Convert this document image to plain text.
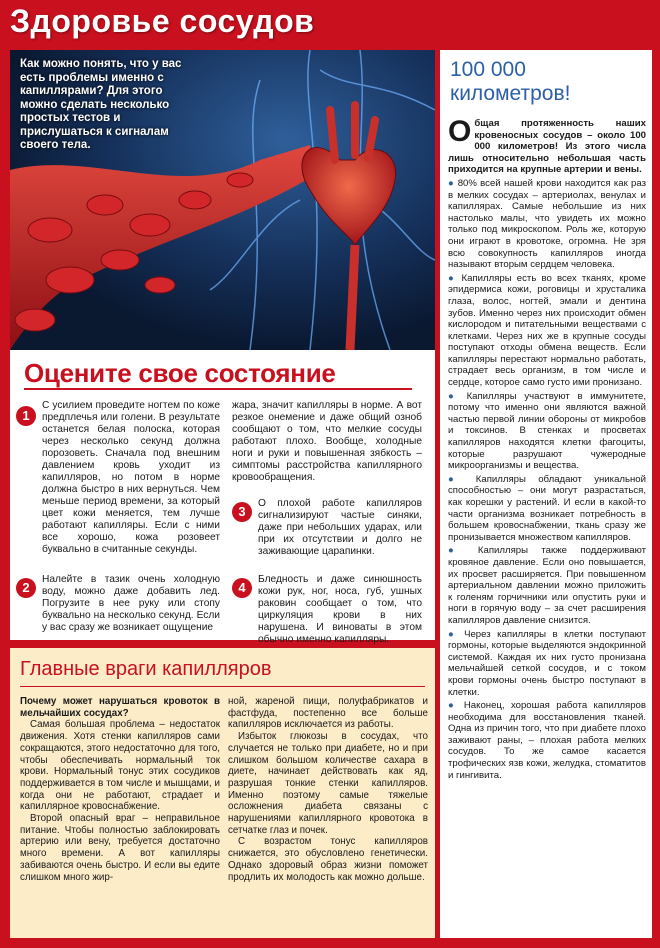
Здоровье сосудов
Как можно понять, что у вас есть проблемы именно с капиллярами? Для этого можно сделать несколько простых тестов и прислушаться к сигналам своего тела.
100 000 километров!

Общая протяженность наших кровеносных сосудов – около 100 000 километров! Из этого числа лишь относительно небольшая часть приходится на крупные артерии и вены.

● 80% всей нашей крови находится как раз в мелких сосудах – артериолах, венулах и капиллярах. Самые небольшие из них настолько малы, что увидеть их можно только под микроскопом. Роль же, которую они играют в кровотоке, огромна. Не зря всю совокупность капилляров иногда называют вторым сердцем человека.

● Капилляры есть во всех тканях, кроме эпидермиса кожи, роговицы и хрусталика глаза, волос, ногтей, эмали и дентина зубов. Именно через них происходит обмен кислородом и питательными веществами с клетками. Через них же в крупные сосуды поступают отходы обмена веществ. Если капилляры перестают нормально работать, страдает весь организм, в том числе и сердце, которое само густо ими пронизано.

● Капилляры участвуют в иммунитете, потому что именно они являются важной частью первой линии обороны от микробов и токсинов. В стенках и просветах капилляров находятся клетки фагоциты, которые разрушают чужеродные микроорганизмы и вещества.

● Капилляры обладают уникальной способностью – они могут разрастаться, как корешки у растений. И если в какой-то части организма возникает потребность в большем кровоснабжении, ткань сразу же пронизывается множеством капилляров.

● Капилляры также поддерживают кровяное давление. Если оно повышается, их просвет расширяется. При повышенном артериальном давлении можно приложить к голеням горчичники или опустить руки и ноги в горячую воду – за счет расширения капилляров давление снизится.

● Через капилляры в клетки поступают гормоны, которые выделяются эндокринной системой. Каждая их них густо пронизана мельчайшей сеткой сосудов, и с током крови гормоны очень быстро поступают в клетки.

● Наконец, хорошая работа капилляров необходима для восстановления тканей. Одна из причин того, что при диабете плохо заживают раны, – плохая работа мелких сосудов. То же самое касается трофических язв кожи, желудка, стоматитов и гингивита.

ЛЕЧЕБНЫЕ ВЕСТИ 15
Оцените свое состояние
1
С усилием проведите ногтем по коже предплечья или голени. В результате останется белая полоска, которая через несколько секунд должна порозоветь. Сначала под внешним давлением кровь уходит из капилляров, но потом в норме должна быстро в них вернуться. Чем меньше период времени, за который цвет кожи меняется, тем лучше работают капилляры. Если с ними все хорошо, кожа розовеет буквально в считанные секунды.
жара, значит капилляры в норме. А вот резкое онемение и даже общий озноб сообщают о том, что мелкие сосуды работают плохо. Вообще, холодные ноги и руки и повышенная зябкость – симптомы расстройства капиллярного кровообращения.
2
Налейте в тазик очень холодную воду, можно даже добавить лед. Погрузите в нее руку или стопу буквально на несколько секунд. Если у вас сразу же возникает ощущение
3
О плохой работе капилляров сигнализируют частые синяки, даже при небольших ударах, или при их отсутствии и долго не заживающие царапинки.
4
Бледность и даже синюшность кожи рук, ног, носа, губ, ушных раковин сообщает о том, что циркуляция крови в них нарушена. И виноваты в этом обычно именно капилляры.
Главные враги капилляров

Почему может нарушаться кровоток в мельчайших сосудах?

Самая большая проблема – недостаток движения. Хотя стенки капилляров сами сокращаются, этого недостаточно для того, чтобы обеспечивать нормальный ток крови. Нормальный тонус этих сосудиков поддерживается в том числе и мышцами, и когда они не работают, страдает и капиллярное кровоснабжение.

Второй опасный враг – неправильное питание. Чтобы полностью заблокировать артерию или вену, требуется достаточно много времени. А вот капилляры забиваются очень быстро. И если вы едите слишком много жир-

ной, жареной пищи, полуфабрикатов и фастфуда, постепенно все больше капилляров исключается из работы.

Избыток глюкозы в сосудах, что случается не только при диабете, но и при слишком большом количестве сахара в диете, начинает действовать как яд, разрушая тонкие стенки капилляров. Именно поэтому самые тяжелые осложнения диабета связаны с нарушениями капиллярного кровотока в сетчатке глаз и почек.

С возрастом тонус капилляров снижается, это обусловлено генетически. Однако здоровый образ жизни поможет продлить их молодость как можно дольше.

Posta.ru
